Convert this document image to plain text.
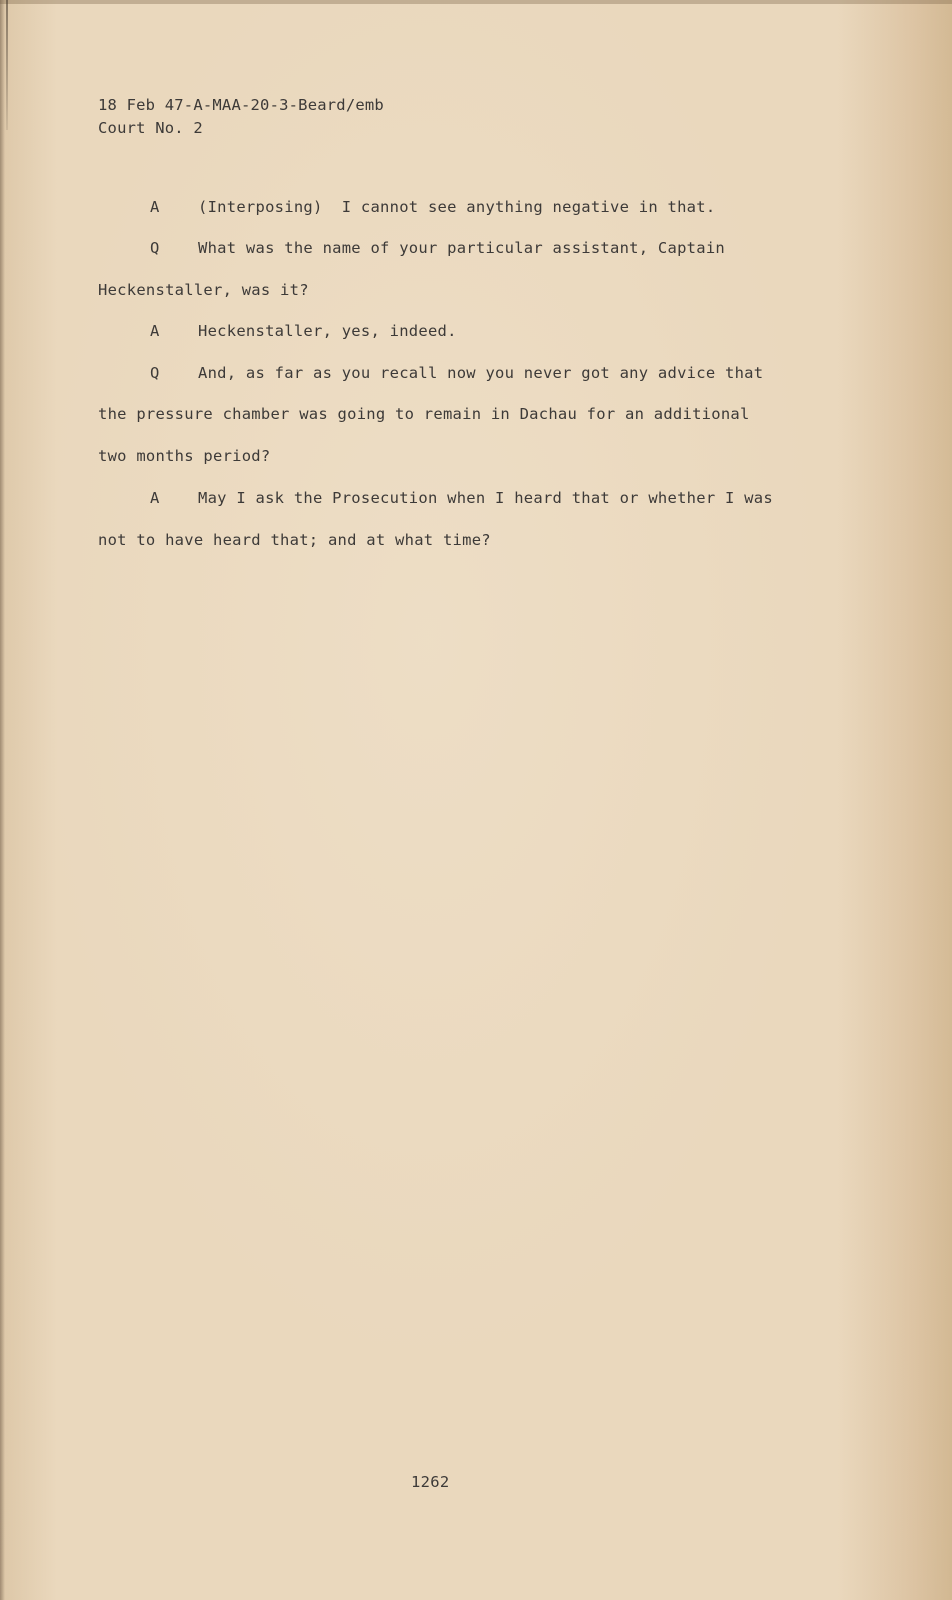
18 Feb 47-A-MAA-20-3-Beard/emb
Court No. 2
A (Interposing)  I cannot see anything negative in that.
Q What was the name of your particular assistant, Captain
Heckenstaller, was it?
A Heckenstaller, yes, indeed.
Q And, as far as you recall now you never got any advice that
the pressure chamber was going to remain in Dachau for an additional
two months period?
A May I ask the Prosecution when I heard that or whether I was
not to have heard that; and at what time?
1262
